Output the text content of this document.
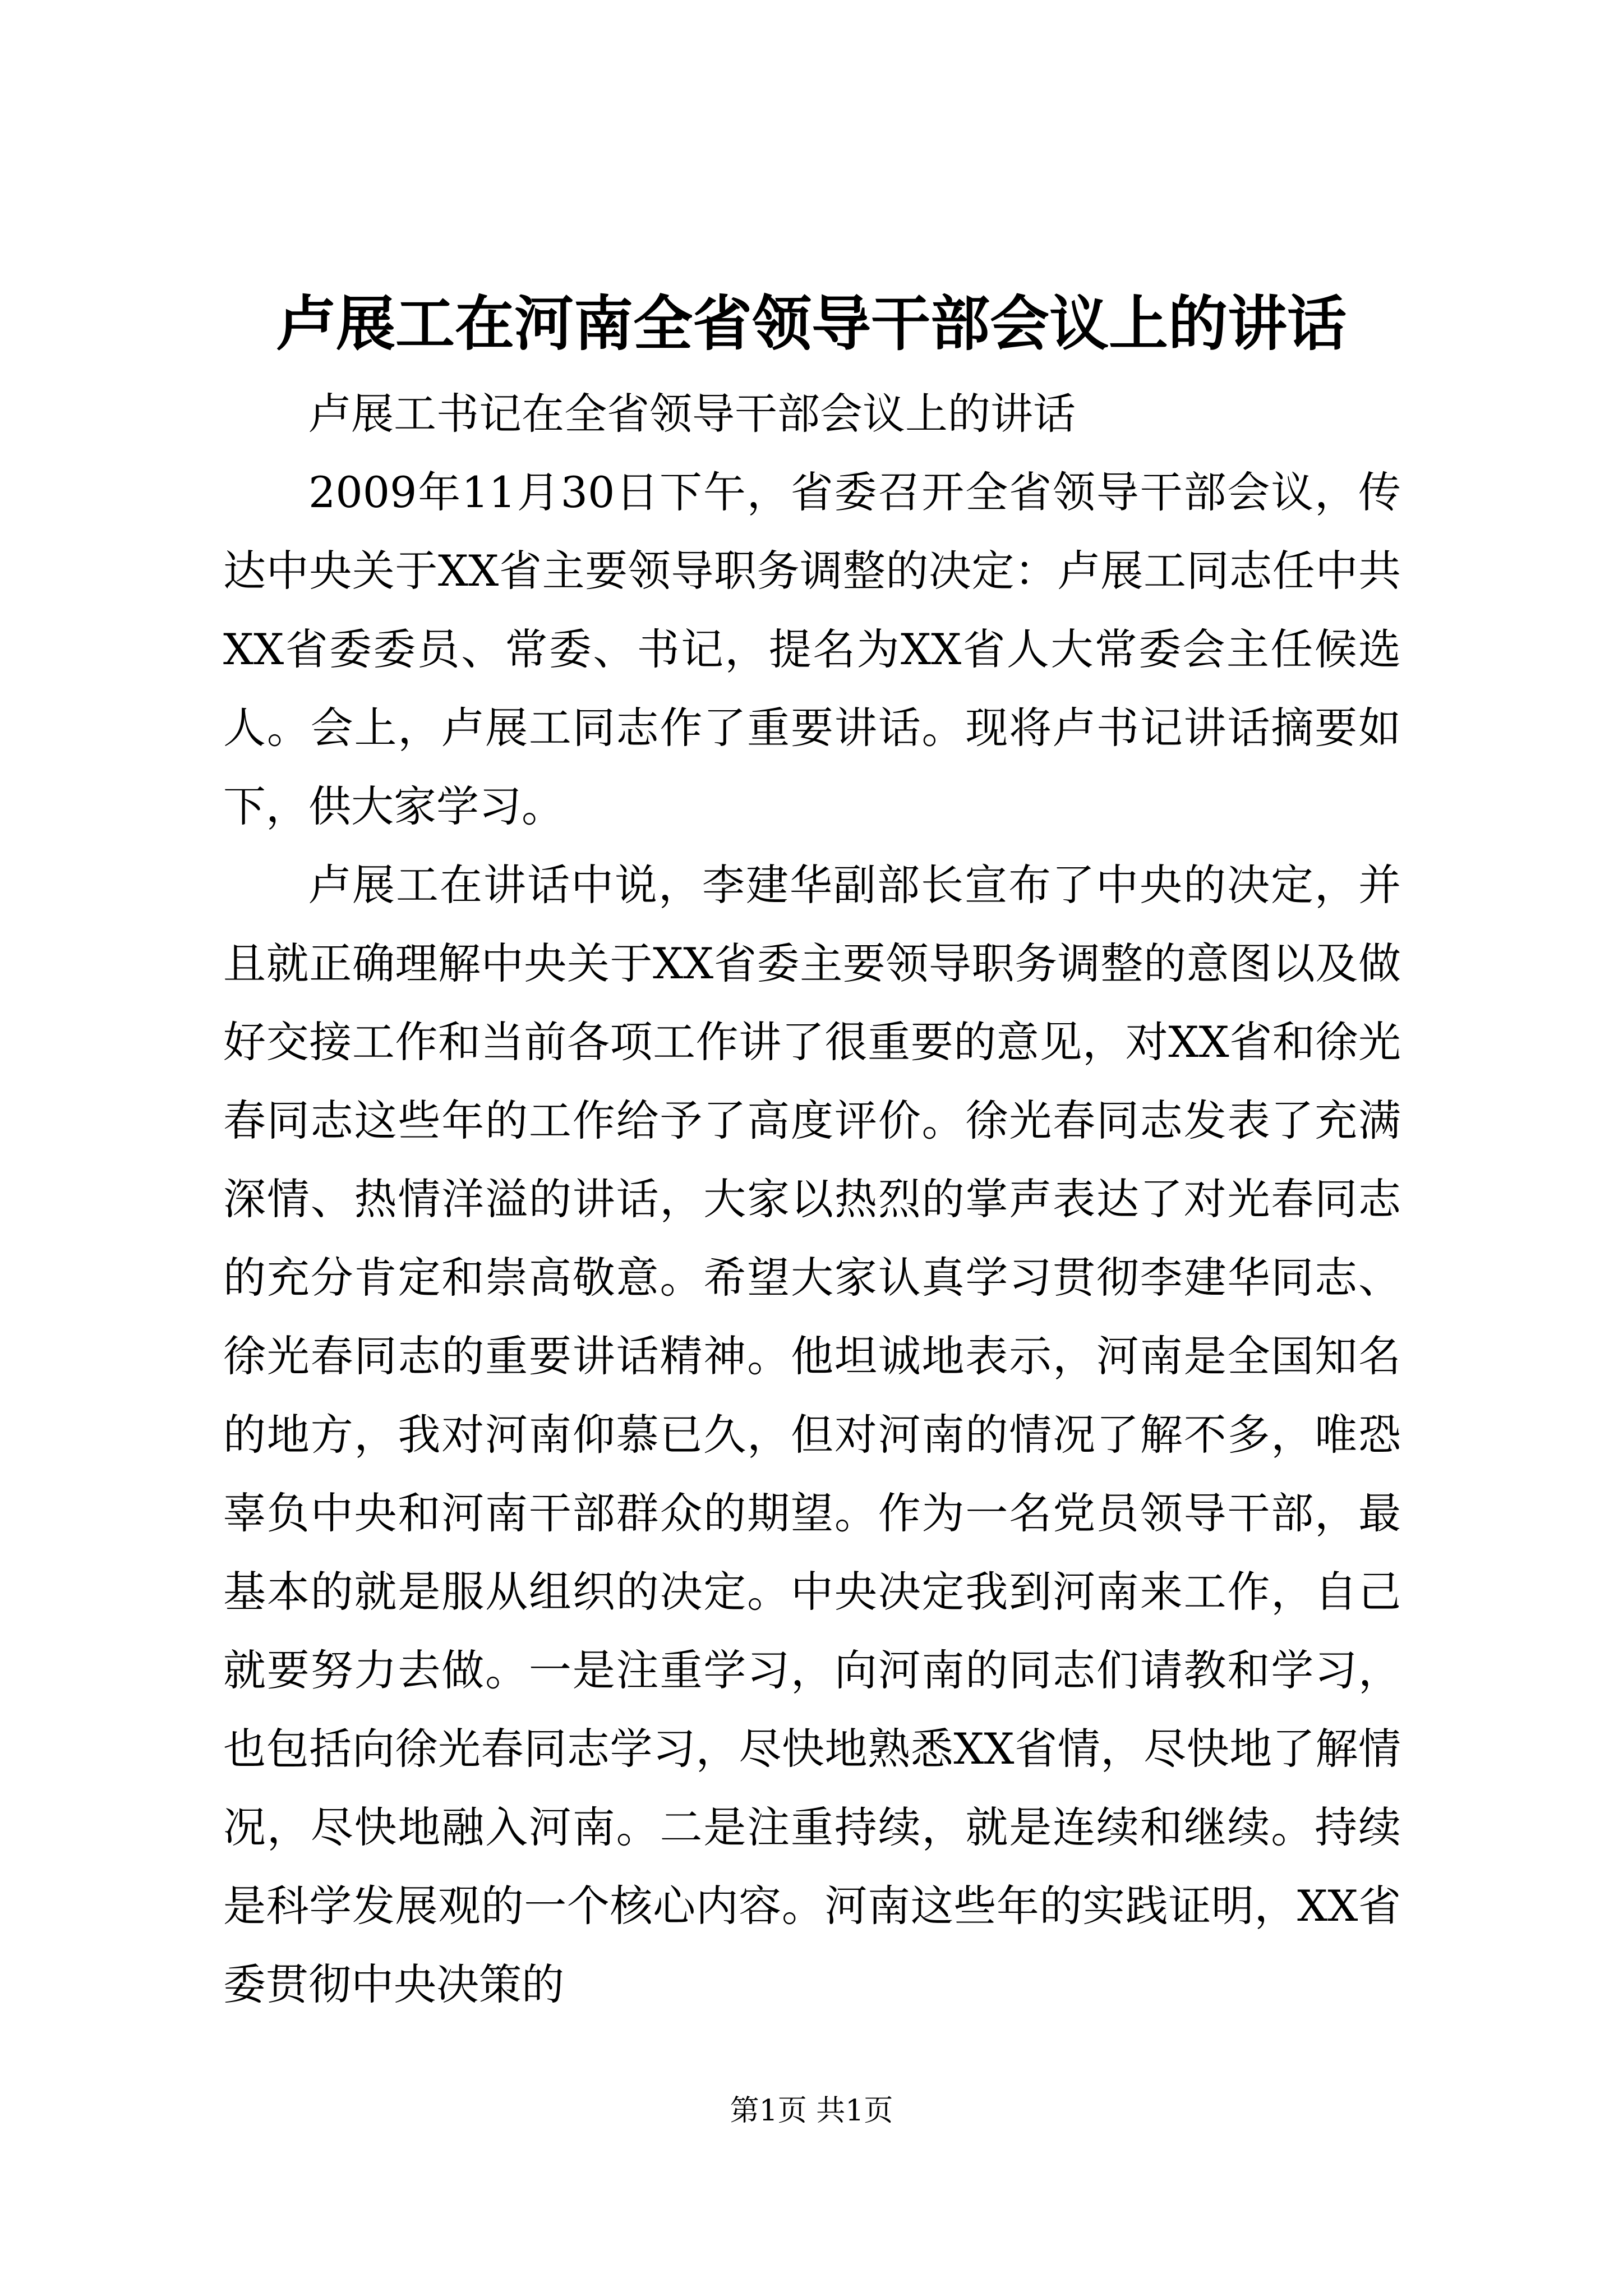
卢展工在河南全省领导干部会议上的讲话

卢展工书记在全省领导干部会议上的讲话

2009年11月30日下午，省委召开全省领导干部会议，传达中央关于XX省主要领导职务调整的决定：卢展工同志任中共XX省委委员、常委、书记，提名为XX省人大常委会主任候选人。会上，卢展工同志作了重要讲话。现将卢书记讲话摘要如下，供大家学习。

卢展工在讲话中说，李建华副部长宣布了中央的决定，并且就正确理解中央关于XX省委主要领导职务调整的意图以及做好交接工作和当前各项工作讲了很重要的意见，对XX省和徐光春同志这些年的工作给予了高度评价。徐光春同志发表了充满深情、热情洋溢的讲话，大家以热烈的掌声表达了对光春同志的充分肯定和崇高敬意。希望大家认真学习贯彻李建华同志、徐光春同志的重要讲话精神。他坦诚地表示，河南是全国知名的地方，我对河南仰慕已久，但对河南的情况了解不多，唯恐辜负中央和河南干部群众的期望。作为一名党员领导干部，最基本的就是服从组织的决定。中央决定我到河南来工作，自己就要努力去做。一是注重学习，向河南的同志们请教和学习，也包括向徐光春同志学习，尽快地熟悉XX省情，尽快地了解情况，尽快地融入河南。二是注重持续，就是连续和继续。持续是科学发展观的一个核心内容。河南这些年的实践证明，XX省委贯彻中央决策的

第1页 共1页
